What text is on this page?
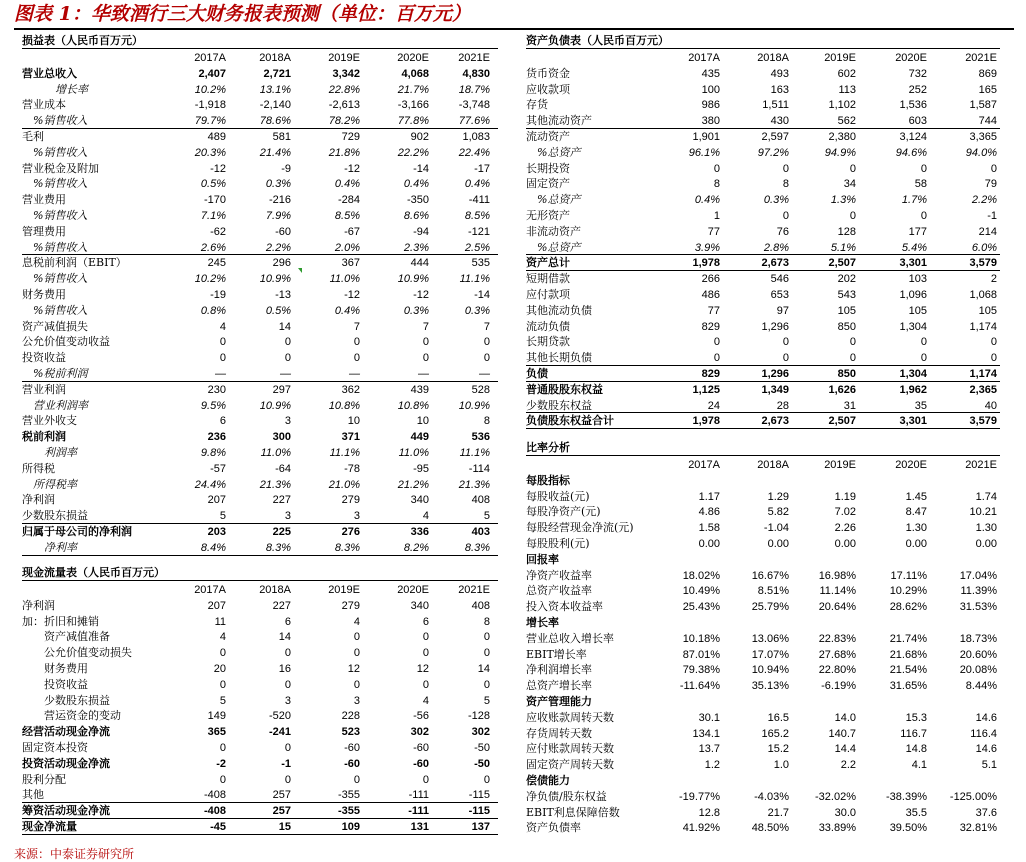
图表 1：华致酒行三大财务报表预测（单位：百万元）
损益表（人民币百万元）
2017A	2018A	2019E	2020E	2021E
营业总收入	2,407	2,721	3,342	4,068	4,830
增长率	10.2%	13.1%	22.8%	21.7%	18.7%
营业成本	-1,918	-2,140	-2,613	-3,166	-3,748
%销售收入	79.7%	78.6%	78.2%	77.8%	77.6%
毛利	489	581	729	902	1,083
%销售收入	20.3%	21.4%	21.8%	22.2%	22.4%
营业税金及附加	-12	-9	-12	-14	-17
%销售收入	0.5%	0.3%	0.4%	0.4%	0.4%
营业费用	-170	-216	-284	-350	-411
%销售收入	7.1%	7.9%	8.5%	8.6%	8.5%
管理费用	-62	-60	-67	-94	-121
%销售收入	2.6%	2.2%	2.0%	2.3%	2.5%
息税前利润（EBIT）	245	296	367	444	535
%销售收入	10.2%	10.9%	11.0%	10.9%	11.1%
财务费用	-19	-13	-12	-12	-14
%销售收入	0.8%	0.5%	0.4%	0.3%	0.3%
资产减值损失	4	14	7	7	7
公允价值变动收益	0	0	0	0	0
投资收益	0	0	0	0	0
%税前利润	—	—	—	—	—
营业利润	230	297	362	439	528
营业利润率	9.5%	10.9%	10.8%	10.8%	10.9%
营业外收支	6	3	10	10	8
税前利润	236	300	371	449	536
利润率	9.8%	11.0%	11.1%	11.0%	11.1%
所得税	-57	-64	-78	-95	-114
所得税率	24.4%	21.3%	21.0%	21.2%	21.3%
净利润	207	227	279	340	408
少数股东损益	5	3	3	4	5
归属于母公司的净利润	203	225	276	336	403
净利率	8.4%	8.3%	8.3%	8.2%	8.3%
现金流量表（人民币百万元）
2017A	2018A	2019E	2020E	2021E
净利润	207	227	279	340	408
加：折旧和摊销	11	6	4	6	8
资产减值准备	4	14	0	0	0
公允价值变动损失	0	0	0	0	0
财务费用	20	16	12	12	14
投资收益	0	0	0	0	0
少数股东损益	5	3	3	4	5
营运资金的变动	149	-520	228	-56	-128
经营活动现金净流	365	-241	523	302	302
固定资本投资	0	0	-60	-60	-50
投资活动现金净流	-2	-1	-60	-60	-50
股利分配	0	0	0	0	0
其他	-408	257	-355	-111	-115
筹资活动现金净流	-408	257	-355	-111	-115
现金净流量	-45	15	109	131	137
资产负债表（人民币百万元）
2017A	2018A	2019E	2020E	2021E
货币资金	435	493	602	732	869
应收款项	100	163	113	252	165
存货	986	1,511	1,102	1,536	1,587
其他流动资产	380	430	562	603	744
流动资产	1,901	2,597	2,380	3,124	3,365
%总资产	96.1%	97.2%	94.9%	94.6%	94.0%
长期投资	0	0	0	0	0
固定资产	8	8	34	58	79
%总资产	0.4%	0.3%	1.3%	1.7%	2.2%
无形资产	1	0	0	0	-1
非流动资产	77	76	128	177	214
%总资产	3.9%	2.8%	5.1%	5.4%	6.0%
资产总计	1,978	2,673	2,507	3,301	3,579
短期借款	266	546	202	103	2
应付款项	486	653	543	1,096	1,068
其他流动负债	77	97	105	105	105
流动负债	829	1,296	850	1,304	1,174
长期贷款	0	0	0	0	0
其他长期负债	0	0	0	0	0
负债	829	1,296	850	1,304	1,174
普通股股东权益	1,125	1,349	1,626	1,962	2,365
少数股东权益	24	28	31	35	40
负债股东权益合计	1,978	2,673	2,507	3,301	3,579
比率分析
2017A	2018A	2019E	2020E	2021E
每股指标
每股收益(元)	1.17	1.29	1.19	1.45	1.74
每股净资产(元)	4.86	5.82	7.02	8.47	10.21
每股经营现金净流(元)	1.58	-1.04	2.26	1.30	1.30
每股股利(元)	0.00	0.00	0.00	0.00	0.00
回报率
净资产收益率	18.02%	16.67%	16.98%	17.11%	17.04%
总资产收益率	10.49%	8.51%	11.14%	10.29%	11.39%
投入资本收益率	25.43%	25.79%	20.64%	28.62%	31.53%
增长率
营业总收入增长率	10.18%	13.06%	22.83%	21.74%	18.73%
EBIT增长率	87.01%	17.07%	27.68%	21.68%	20.60%
净利润增长率	79.38%	10.94%	22.80%	21.54%	20.08%
总资产增长率	-11.64%	35.13%	-6.19%	31.65%	8.44%
资产管理能力
应收账款周转天数	30.1	16.5	14.0	15.3	14.6
存货周转天数	134.1	165.2	140.7	116.7	116.4
应付账款周转天数	13.7	15.2	14.4	14.8	14.6
固定资产周转天数	1.2	1.0	2.2	4.1	5.1
偿债能力
净负债/股东权益	-19.77%	-4.03%	-32.02%	-38.39%	-125.00%
EBIT利息保障倍数	12.8	21.7	30.0	35.5	37.6
资产负债率	41.92%	48.50%	33.89%	39.50%	32.81%
来源：中泰证券研究所
